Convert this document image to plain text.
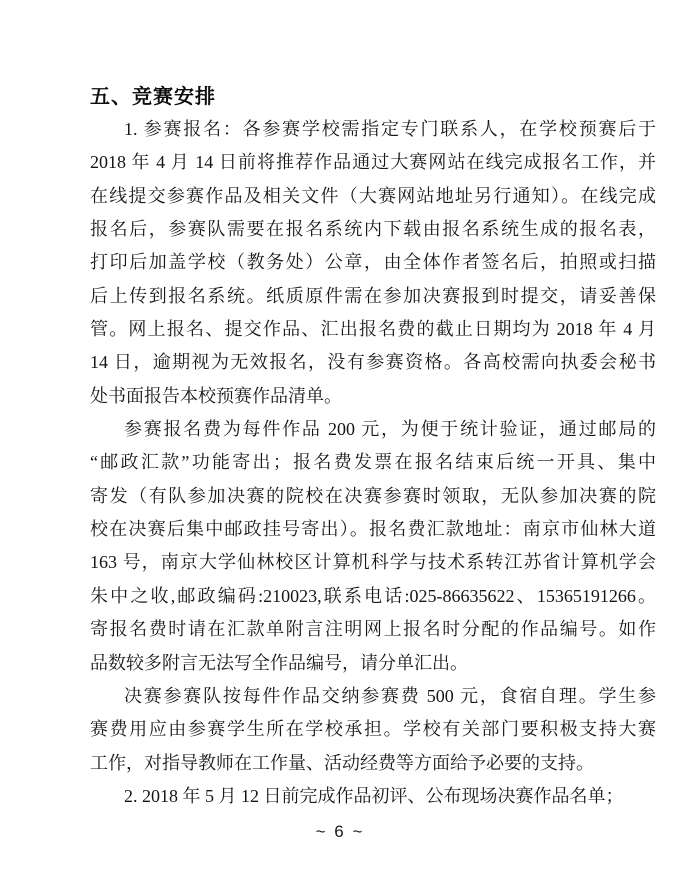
五、竞赛安排
1. 参赛报名：各参赛学校需指定专门联系人，在学校预赛后于
2018 年 4 月 14 日前将推荐作品通过大赛网站在线完成报名工作，并
在线提交参赛作品及相关文件（大赛网站地址另行通知）。在线完成
报名后，参赛队需要在报名系统内下载由报名系统生成的报名表，
打印后加盖学校（教务处）公章，由全体作者签名后，拍照或扫描
后上传到报名系统。纸质原件需在参加决赛报到时提交，请妥善保
管。网上报名、提交作品、汇出报名费的截止日期均为 2018 年 4 月
14 日，逾期视为无效报名，没有参赛资格。各高校需向执委会秘书
处书面报告本校预赛作品清单。
参赛报名费为每件作品 200 元，为便于统计验证，通过邮局的
“邮政汇款”功能寄出；报名费发票在报名结束后统一开具、集中
寄发（有队参加决赛的院校在决赛参赛时领取，无队参加决赛的院
校在决赛后集中邮政挂号寄出）。报名费汇款地址：南京市仙林大道
163 号，南京大学仙林校区计算机科学与技术系转江苏省计算机学会
朱中之收,邮政编码:210023,联系电话:025-86635622、15365191266。
寄报名费时请在汇款单附言注明网上报名时分配的作品编号。如作
品数较多附言无法写全作品编号，请分单汇出。
决赛参赛队按每件作品交纳参赛费 500 元，食宿自理。学生参
赛费用应由参赛学生所在学校承担。学校有关部门要积极支持大赛
工作，对指导教师在工作量、活动经费等方面给予必要的支持。
2. 2018 年 5 月 12 日前完成作品初评、公布现场决赛作品名单；
~ 6 ~
